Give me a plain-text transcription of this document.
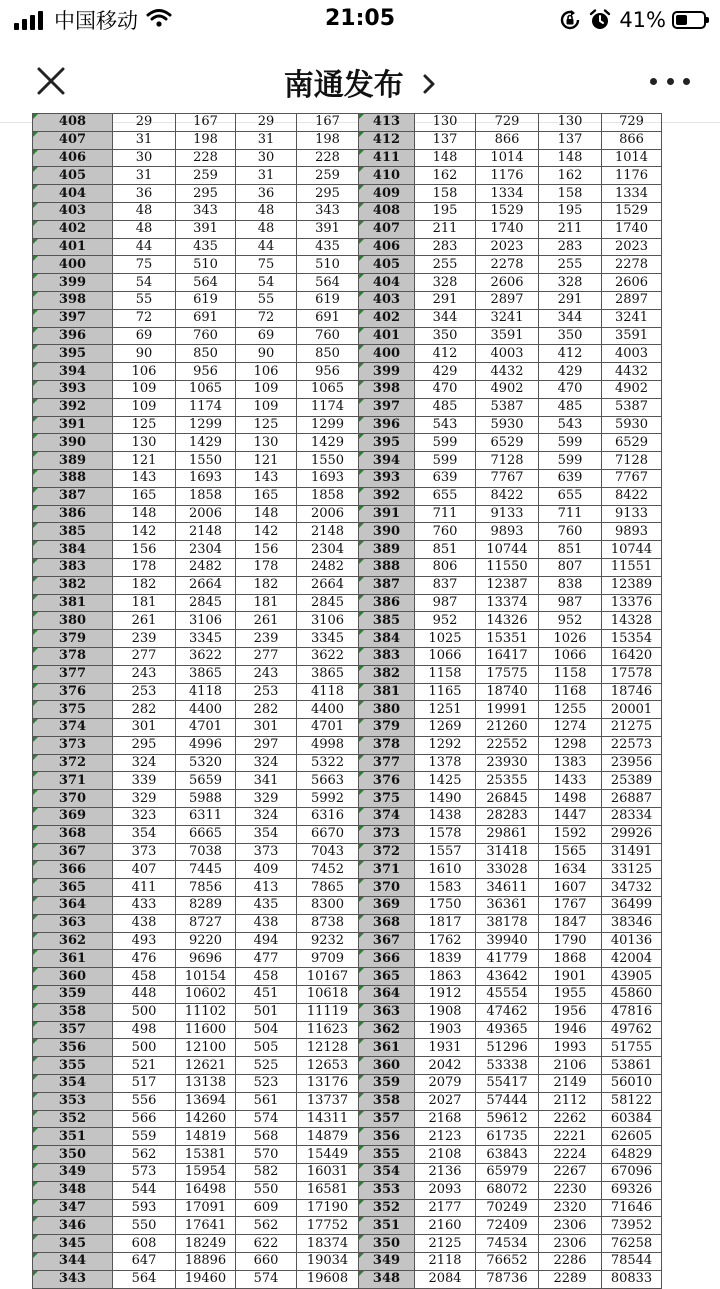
中国移动	21:05	41%
南通发布
408	29	167	29	167	413	130	729	130	729
407	31	198	31	198	412	137	866	137	866
406	30	228	30	228	411	148	1014	148	1014
405	31	259	31	259	410	162	1176	162	1176
404	36	295	36	295	409	158	1334	158	1334
403	48	343	48	343	408	195	1529	195	1529
402	48	391	48	391	407	211	1740	211	1740
401	44	435	44	435	406	283	2023	283	2023
400	75	510	75	510	405	255	2278	255	2278
399	54	564	54	564	404	328	2606	328	2606
398	55	619	55	619	403	291	2897	291	2897
397	72	691	72	691	402	344	3241	344	3241
396	69	760	69	760	401	350	3591	350	3591
395	90	850	90	850	400	412	4003	412	4003
394	106	956	106	956	399	429	4432	429	4432
393	109	1065	109	1065	398	470	4902	470	4902
392	109	1174	109	1174	397	485	5387	485	5387
391	125	1299	125	1299	396	543	5930	543	5930
390	130	1429	130	1429	395	599	6529	599	6529
389	121	1550	121	1550	394	599	7128	599	7128
388	143	1693	143	1693	393	639	7767	639	7767
387	165	1858	165	1858	392	655	8422	655	8422
386	148	2006	148	2006	391	711	9133	711	9133
385	142	2148	142	2148	390	760	9893	760	9893
384	156	2304	156	2304	389	851	10744	851	10744
383	178	2482	178	2482	388	806	11550	807	11551
382	182	2664	182	2664	387	837	12387	838	12389
381	181	2845	181	2845	386	987	13374	987	13376
380	261	3106	261	3106	385	952	14326	952	14328
379	239	3345	239	3345	384	1025	15351	1026	15354
378	277	3622	277	3622	383	1066	16417	1066	16420
377	243	3865	243	3865	382	1158	17575	1158	17578
376	253	4118	253	4118	381	1165	18740	1168	18746
375	282	4400	282	4400	380	1251	19991	1255	20001
374	301	4701	301	4701	379	1269	21260	1274	21275
373	295	4996	297	4998	378	1292	22552	1298	22573
372	324	5320	324	5322	377	1378	23930	1383	23956
371	339	5659	341	5663	376	1425	25355	1433	25389
370	329	5988	329	5992	375	1490	26845	1498	26887
369	323	6311	324	6316	374	1438	28283	1447	28334
368	354	6665	354	6670	373	1578	29861	1592	29926
367	373	7038	373	7043	372	1557	31418	1565	31491
366	407	7445	409	7452	371	1610	33028	1634	33125
365	411	7856	413	7865	370	1583	34611	1607	34732
364	433	8289	435	8300	369	1750	36361	1767	36499
363	438	8727	438	8738	368	1817	38178	1847	38346
362	493	9220	494	9232	367	1762	39940	1790	40136
361	476	9696	477	9709	366	1839	41779	1868	42004
360	458	10154	458	10167	365	1863	43642	1901	43905
359	448	10602	451	10618	364	1912	45554	1955	45860
358	500	11102	501	11119	363	1908	47462	1956	47816
357	498	11600	504	11623	362	1903	49365	1946	49762
356	500	12100	505	12128	361	1931	51296	1993	51755
355	521	12621	525	12653	360	2042	53338	2106	53861
354	517	13138	523	13176	359	2079	55417	2149	56010
353	556	13694	561	13737	358	2027	57444	2112	58122
352	566	14260	574	14311	357	2168	59612	2262	60384
351	559	14819	568	14879	356	2123	61735	2221	62605
350	562	15381	570	15449	355	2108	63843	2224	64829
349	573	15954	582	16031	354	2136	65979	2267	67096
348	544	16498	550	16581	353	2093	68072	2230	69326
347	593	17091	609	17190	352	2177	70249	2320	71646
346	550	17641	562	17752	351	2160	72409	2306	73952
345	608	18249	622	18374	350	2125	74534	2306	76258
344	647	18896	660	19034	349	2118	76652	2286	78544
343	564	19460	574	19608	348	2084	78736	2289	80833
